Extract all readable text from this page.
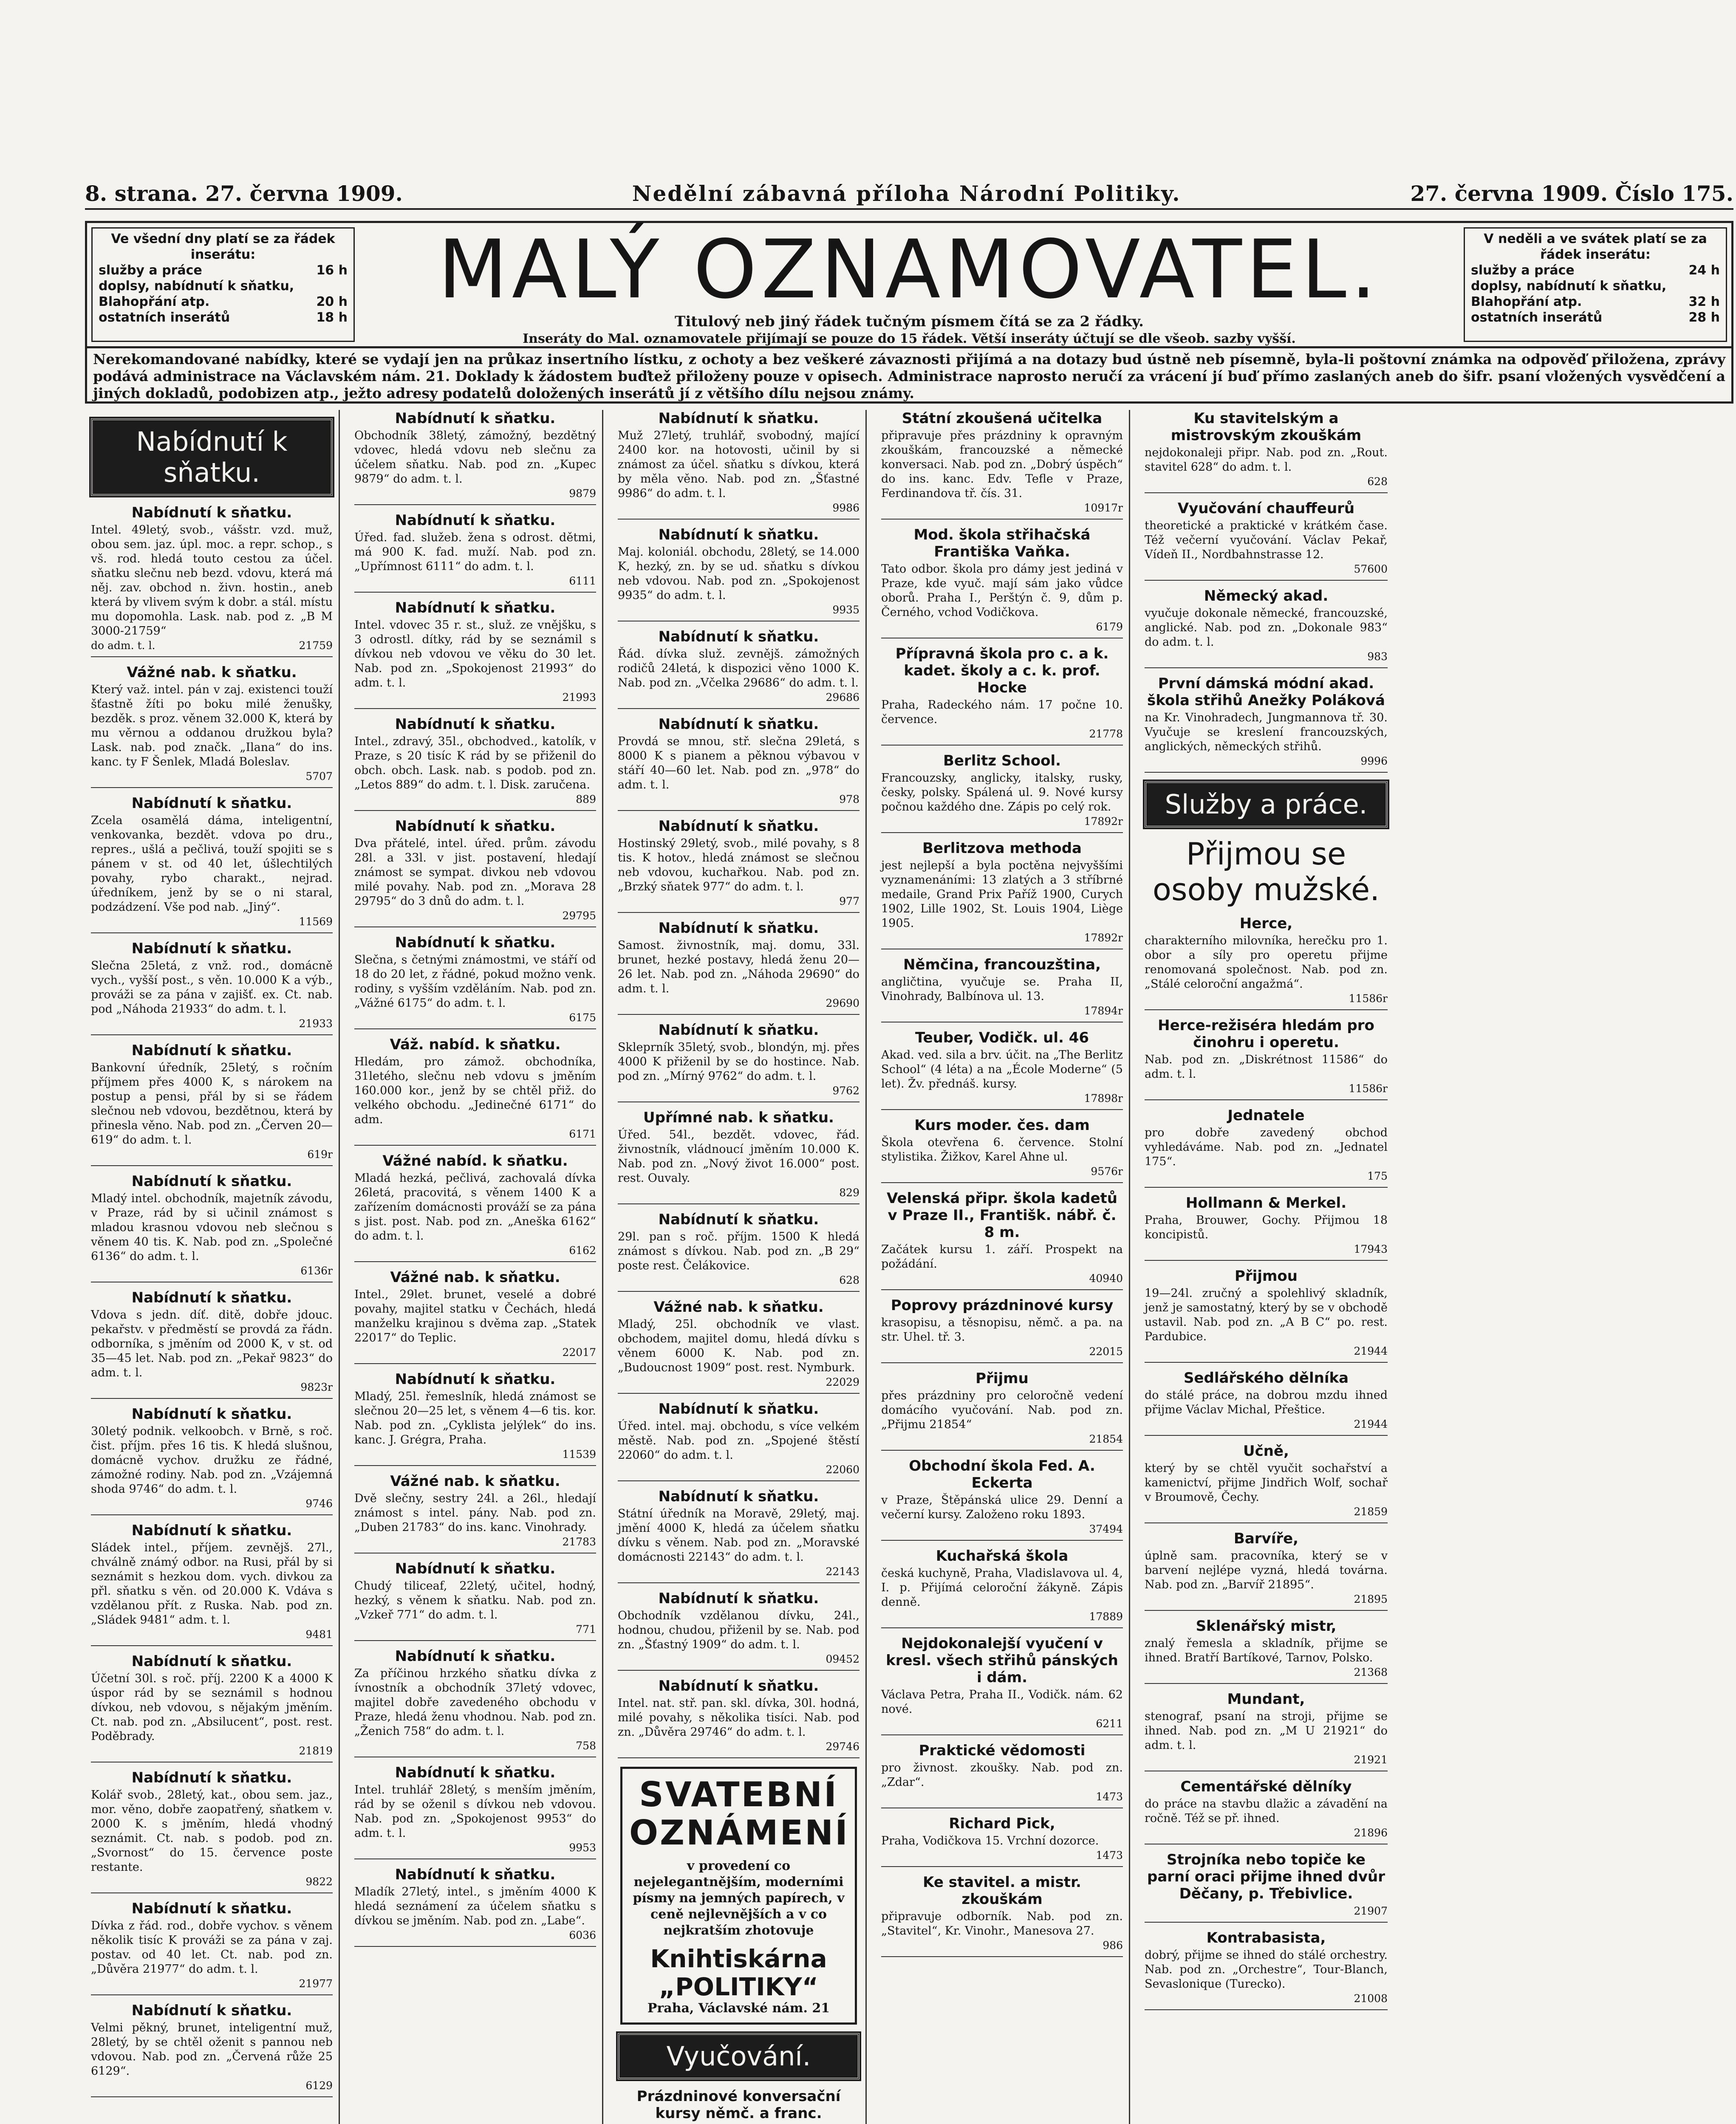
8. strana. 27. června 1909.	Nedělní zábavná příloha Národní Politiky.	27. června 1909. Číslo 175.
Ve všední dny platí se za řádek inserátu:
služby a práce	16 h
doplsy, nabídnutí k sňatku,
Blahopřání atp.	20 h
ostatních inserátů	18 h
MALÝ OZNAMOVATEL.
Titulový neb jiný řádek tučným písmem čítá se za 2 řádky.
Inseráty do Mal. oznamovatele přijímají se pouze do 15 řádek. Větší inseráty účtují se dle všeob. sazby vyšší.
V neděli a ve svátek platí se za řádek inserátu:
služby a práce	24 h
doplsy, nabídnutí k sňatku,
Blahopřání atp.	32 h
ostatních inserátů	28 h
Nerekomandované nabídky, které se vydají jen na průkaz insertního lístku, z ochoty a bez veškeré závaznosti přijímá a na dotazy bud ústně neb písemně, byla-li poštovní známka na odpověď přiložena, zprávy podává administrace na Václavském nám. 21. Doklady k žádostem buďtež přiloženy pouze v opisech. Administrace naprosto neručí za vrácení jí buď přímo zaslaných aneb do šifr. psaní vložených vysvědčení a jiných dokladů, podobizen atp., ježto adresy podatelů doložených inserátů jí z většího dílu nejsou známy.
Nabídnutí k sňatku.
Nabídnutí k sňatku.
Intel. 49letý, svob., vášstr. vzd. muž, obou sem. jaz. úpl. moc. a repr. schop., s vš. rod. hledá touto cestou za účel. sňatku slečnu neb bezd. vdovu, která má něj. zav. obchod n. živn. hostin., aneb která by vlivem svým k dobr. a stál. místu mu dopomohla. Lask. nab. pod z. „B M 3000-21759“
do adm. t. l.	21759
Vážné nab. k sňatku.
Který važ. intel. pán v zaj. existenci touží šťastně žíti po boku milé ženušky, bezděk. s proz. věnem 32.000 K, která by mu věrnou a oddanou družkou byla? Lask. nab. pod značk. „Ilana“ do ins. kanc. ty F Šenlek, Mladá Boleslav.
5707
Nabídnutí k sňatku.
Zcela osamělá dáma, inteligentní, venkovanka, bezdět. vdova po dru., repres., ušlá a pečlivá, touží spojiti se s pánem v st. od 40 let, úšlechtilých povahy, rybo charakt., nejrad. úředníkem, jenž by se o ni staral, podzádzení. Vše pod nab. „Jiný“.
11569
Nabídnutí k sňatku.
Slečna 25letá, z vnž. rod., domácně vych., vyšší post., s věn. 10.000 K a výb., prováži se za pána v zajišť. ex. Ct. nab. pod „Náhoda 21933“ do adm. t. l.
21933
Nabídnutí k sňatku.
Bankovní úředník, 25letý, s ročním příjmem přes 4000 K, s nárokem na postup a pensi, přál by si se řádem slečnou neb vdovou, bezdětnou, která by přinesla věno. Nab. pod zn. „Červen 20—619“ do adm. t. l.
619r
Nabídnutí k sňatku.
Mladý intel. obchodník, majetník závodu, v Praze, rád by si učinil známost s mladou krasnou vdovou neb slečnou s věnem 40 tis. K. Nab. pod zn. „Společné 6136“ do adm. t. l.
6136r
Nabídnutí k sňatku.
Vdova s jedn. díť. ditě, dobře jdouc. pekařstv. v předměstí se provdá za řádn. odborníka, s jměním od 2000 K, v st. od 35—45 let. Nab. pod zn. „Pekař 9823“ do adm. t. l.
9823r
Nabídnutí k sňatku.
30letý podnik. velkoobch. v Brně, s roč. čist. příjm. přes 16 tis. K hledá slušnou, domácně vychov. družku ze řádné, zámožné rodiny. Nab. pod zn. „Vzájemná shoda 9746“ do adm. t. l.
9746
Nabídnutí k sňatku.
Sládek intel., příjem. zevnějš. 27l., chválně známý odbor. na Rusi, přál by si seznámit s hezkou dom. vych. divkou za přl. sňatku s věn. od 20.000 K. Vdáva s vzdělanou přít. z Ruska. Nab. pod zn. „Sládek 9481“ adm. t. l.
9481
Nabídnutí k sňatku.
Účetní 30l. s roč. příj. 2200 K a 4000 K úspor rád by se seznámil s hodnou dívkou, neb vdovou, s nějakým jměním. Ct. nab. pod zn. „Absilucent“, post. rest. Poděbrady.
21819
Nabídnutí k sňatku.
Kolář svob., 28letý, kat., obou sem. jaz., mor. věno, dobře zaopatřený, sňatkem v. 2000 K. s jměním, hledá vhodný seznámit. Ct. nab. s podob. pod zn. „Svornost“ do 15. července poste restante.
9822
Nabídnutí k sňatku.
Dívka z řád. rod., dobře vychov. s věnem několik tisíc K prováži se za pána v zaj. postav. od 40 let. Ct. nab. pod zn. „Důvěra 21977“ do adm. t. l.
21977
Nabídnutí k sňatku.
Velmi pěkný, brunet, inteligentní muž, 28letý, by se chtěl oženit s pannou neb vdovou. Nab. pod zn. „Červená růže 25 6129“.
6129
Nabídnutí k sňatku.
Obchodník 38letý, zámožný, bezdětný vdovec, hledá vdovu neb slečnu za účelem sňatku. Nab. pod zn. „Kupec 9879“ do adm. t. l.
9879
Nabídnutí k sňatku.
Úřed. fad. služeb. žena s odrost. dětmi, má 900 K. fad. muží. Nab. pod zn. „Upřímnost 6111“ do adm. t. l.
6111
Nabídnutí k sňatku.
Intel. vdovec 35 r. st., služ. ze vnějšku, s 3 odrostl. dítky, rád by se seznámil s dívkou neb vdovou ve věku do 30 let. Nab. pod zn. „Spokojenost 21993“ do adm. t. l.
21993
Nabídnutí k sňatku.
Intel., zdravý, 35l., obchodved., katolík, v Praze, s 20 tisíc K rád by se přiženil do obch. obch. Lask. nab. s podob. pod zn. „Letos 889“ do adm. t. l. Disk. zaručena.
889
Nabídnutí k sňatku.
Dva přátelé, intel. úřed. prům. závodu 28l. a 33l. v jist. postavení, hledají známost se sympat. divkou neb vdovou milé povahy. Nab. pod zn. „Morava 28 29795“ do 3 dnů do adm. t. l.
29795
Nabídnutí k sňatku.
Slečna, s četnými známostmi, ve stáří od 18 do 20 let, z řádné, pokud možno venk. rodiny, s vyšším vzděláním. Nab. pod zn. „Vážné 6175“ do adm. t. l.
6175
Váž. nabíd. k sňatku.
Hledám, pro zámož. obchodníka, 31letého, slečnu neb vdovu s jměním 160.000 kor., jenž by se chtěl přiž. do velkého obchodu. „Jedinečné 6171“ do adm.
6171
Vážné nabíd. k sňatku.
Mladá hezká, pečlivá, zachovalá dívka 26letá, pracovitá, s věnem 1400 K a zařízením domácnosti prováží se za pána s jist. post. Nab. pod zn. „Aneška 6162“ do adm. t. l.
6162
Vážné nab. k sňatku.
Intel., 29let. brunet, veselé a dobré povahy, majitel statku v Čechách, hledá manželku krajinou s dvěma zap. „Statek 22017“ do Teplic.
22017
Nabídnutí k sňatku.
Mladý, 25l. řemeslník, hledá známost se slečnou 20—25 let, s věnem 4—6 tis. kor. Nab. pod zn. „Cyklista jelýlek“ do ins. kanc. J. Grégra, Praha.
11539
Vážné nab. k sňatku.
Dvě slečny, sestry 24l. a 26l., hledají známost s intel. pány. Nab. pod zn. „Duben 21783“ do ins. kanc. Vinohrady.
21783
Nabídnutí k sňatku.
Chudý tiliceaf, 22letý, učitel, hodný, hezký, s věnem k sňatku. Nab. pod zn. „Vzkeř 771“ do adm. t. l.
771
Nabídnutí k sňatku.
Za příčinou hrzkého sňatku dívka z ívnostník a obchodník 37letý vdovec, majitel dobře zavedeného obchodu v Praze, hledá ženu vhodnou. Nab. pod zn. „Ženich 758“ do adm. t. l.
758
Nabídnutí k sňatku.
Intel. truhlář 28letý, s menším jměním, rád by se oženil s dívkou neb vdovou. Nab. pod zn. „Spokojenost 9953“ do adm. t. l.
9953
Nabídnutí k sňatku.
Mladík 27letý, intel., s jměním 4000 K hledá seznámení za účelem sňatku s dívkou se jměním. Nab. pod zn. „Labe“.
6036
Nabídnutí k sňatku.
Muž 27letý, truhlář, svobodný, mající 2400 kor. na hotovosti, učinil by si známost za účel. sňatku s dívkou, která by měla věno. Nab. pod zn. „Šťastné 9986“ do adm. t. l.
9986
Nabídnutí k sňatku.
Maj. koloniál. obchodu, 28letý, se 14.000 K, hezký, zn. by se ud. sňatku s dívkou neb vdovou. Nab. pod zn. „Spokojenost 9935“ do adm. t. l.
9935
Nabídnutí k sňatku.
Řád. dívka služ. zevnějš. zámožných rodičů 24letá, k dispozici věno 1000 K. Nab. pod zn. „Včelka 29686“ do adm. t. l.
29686
Nabídnutí k sňatku.
Provdá se mnou, stř. slečna 29letá, s 8000 K s pianem a pěknou výbavou v stáří 40—60 let. Nab. pod zn. „978“ do adm. t. l.
978
Nabídnutí k sňatku.
Hostinský 29letý, svob., milé povahy, s 8 tis. K hotov., hledá známost se slečnou neb vdovou, kuchařkou. Nab. pod zn. „Brzký sňatek 977“ do adm. t. l.
977
Nabídnutí k sňatku.
Samost. živnostník, maj. domu, 33l. brunet, hezké postavy, hledá ženu 20—26 let. Nab. pod zn. „Náhoda 29690“ do adm. t. l.
29690
Nabídnutí k sňatku.
Skleprník 35letý, svob., blondýn, mj. přes 4000 K přiženil by se do hostince. Nab. pod zn. „Mírný 9762“ do adm. t. l.
9762
Upřímné nab. k sňatku.
Úřed. 54l., bezdět. vdovec, řád. živnostník, vládnoucí jměním 10.000 K. Nab. pod zn. „Nový život 16.000“ post. rest. Ouvaly.
829
Nabídnutí k sňatku.
29l. pan s roč. příjm. 1500 K hledá známost s dívkou. Nab. pod zn. „B 29“ poste rest. Čelákovice.
628
Vážné nab. k sňatku.
Mladý, 25l. obchodník ve vlast. obchodem, majitel domu, hledá dívku s věnem 6000 K. Nab. pod zn. „Budoucnost 1909“ post. rest. Nymburk.
22029
Nabídnutí k sňatku.
Úřed. intel. maj. obchodu, s více velkém městě. Nab. pod zn. „Spojené štěstí 22060“ do adm. t. l.
22060
Nabídnutí k sňatku.
Státní úředník na Moravě, 29letý, maj. jmění 4000 K, hledá za účelem sňatku dívku s věnem. Nab. pod zn. „Moravské domácnosti 22143“ do adm. t. l.
22143
Nabídnutí k sňatku.
Obchodník vzdělanou dívku, 24l., hodnou, chudou, přiženil by se. Nab. pod zn. „Šťastný 1909“ do adm. t. l.
09452
Nabídnutí k sňatku.
Intel. nat. stř. pan. skl. dívka, 30l. hodná, milé povahy, s několika tisíci. Nab. pod zn. „Důvěra 29746“ do adm. t. l.
29746
SVATEBNÍ OZNÁMENÍ
v provedení co nejelegantnějším, moderními písmy na jemných papírech, v ceně nejlevnějších a v co nejkratším zhotovuje
Knihtiskárna „POLITIKY“
Praha, Václavské nám. 21
Vyučování.
Prázdninové konversační kursy němč. a franc.
Státní zkoušená učitelka
připravuje přes prázdniny k opravným zkouškám, francouzské a německé konversaci. Nab. pod zn. „Dobrý úspěch“ do ins. kanc. Edv. Tefle v Praze, Ferdinandova tř. čís. 31.
10917r
Mod. škola střihačská Františka Vaňka.
Tato odbor. škola pro dámy jest jediná v Praze, kde vyuč. mají sám jako vůdce oborů. Praha I., Perštýn č. 9, dům p. Černého, vchod Vodičkova.
6179
Přípravná škola pro c. a k. kadet. školy a c. k. prof. Hocke
Praha, Radeckého nám. 17 počne 10. července.
21778
Berlitz School.
Francouzsky, anglicky, italsky, rusky, česky, polsky. Spálená ul. 9. Nové kursy počnou každého dne. Zápis po celý rok.
17892r
Berlitzova methoda
jest nejlepší a byla poctěna nejvyššími vyznamenáními: 13 zlatých a 3 stříbrné medaile, Grand Prix Paříž 1900, Curych 1902, Lille 1902, St. Louis 1904, Liège 1905.
17892r
Němčina, francouzština,
angličtina, vyučuje se. Praha II, Vinohrady, Balbínova ul. 13.
17894r
Teuber, Vodičk. ul. 46
Akad. ved. sila a brv. účit. na „The Berlitz School“ (4 léta) a na „École Moderne“ (5 let). Žv. přednáš. kursy.
17898r
Kurs moder. čes. dam
Škola otevřena 6. července. Stolní stylistika. Žižkov, Karel Ahne ul.
9576r
Velenská připr. škola kadetů v Praze II., Františk. nábř. č. 8 m.
Začátek kursu 1. září. Prospekt na požádání.
40940
Poprovy prázdninové kursy
krasopisu, a těsnopisu, němč. a pa. na str. Uhel. tř. 3.
22015
Přijmu
přes prázdniny pro celoročně vedení domácího vyučování. Nab. pod zn. „Přijmu 21854“
21854
Obchodní škola Fed. A. Eckerta
v Praze, Štěpánská ulice 29. Denní a večerní kursy. Založeno roku 1893.
37494
Kuchařská škola
česká kuchyně, Praha, Vladislavova ul. 4, I. p. Přijímá celoroční žákyně. Zápis denně.
17889
Nejdokonalejší vyučení v kresl. všech střihů pánských i dám.
Václava Petra, Praha II., Vodičk. nám. 62 nové.
6211
Praktické vědomosti
pro živnost. zkoušky. Nab. pod zn. „Zdar“.
1473
Richard Pick,
Praha, Vodičkova 15. Vrchní dozorce.
1473
Ke stavitel. a mistr. zkouškám
připravuje odborník. Nab. pod zn. „Stavitel“, Kr. Vinohr., Manesova 27.
986
Ku stavitelským a mistrovským zkouškám
nejdokonaleji připr. Nab. pod zn. „Rout. stavitel 628“ do adm. t. l.
628
Vyučování chauffeurů
theoretické a praktické v krátkém čase. Též večerní vyučování. Václav Pekař, Vídeň II., Nordbahnstrasse 12.
57600
Německý akad.
vyučuje dokonale německé, francouzské, anglické. Nab. pod zn. „Dokonale 983“ do adm. t. l.
983
První dámská módní akad. škola střihů Anežky Poláková
na Kr. Vinohradech, Jungmannova tř. 30. Vyučuje se kreslení francouzských, anglických, německých střihů.
9996
Služby a práce.
Přijmou se osoby mužské.
Herce,
charakterního milovníka, herečku pro 1. obor a síly pro operetu přijme renomovaná společnost. Nab. pod zn. „Stálé celoroční angažmá“.
11586r
Herce-režiséra hledám pro činohru i operetu.
Nab. pod zn. „Diskrétnost 11586“ do adm. t. l.
11586r
Jednatele
pro dobře zavedený obchod vyhledáváme. Nab. pod zn. „Jednatel 175“.
175
Hollmann & Merkel.
Praha, Brouwer, Gochy. Přijmou 18 koncipistů.
17943
Přijmou
19—24l. zručný a spolehlivý skladník, jenž je samostatný, který by se v obchodě ustavil. Nab. pod zn. „A B C“ po. rest. Pardubice.
21944
Sedlářského dělníka
do stálé práce, na dobrou mzdu ihned přijme Václav Michal, Přeštice.
21944
Učně,
který by se chtěl vyučit sochařství a kamenictví, přijme Jindřich Wolf, sochař v Broumově, Čechy.
21859
Barvíře,
úplně sam. pracovníka, který se v barvení nejlépe vyzná, hledá továrna. Nab. pod zn. „Barvíř 21895“.
21895
Sklenářský mistr,
znalý řemesla a skladník, přijme se ihned. Bratří Bartíkové, Tarnov, Polsko.
21368
Mundant,
stenograf, psaní na stroji, přijme se ihned. Nab. pod zn. „M U 21921“ do adm. t. l.
21921
Cementářské dělníky
do práce na stavbu dlažic a závadění na ročně. Též se př. ihned.
21896
Strojníka nebo topiče ke parní oraci přijme ihned dvůr Děčany, p. Třebivlice.
21907
Kontrabasista,
dobrý, přijme se ihned do stálé orchestry. Nab. pod zn. „Orchestre“, Tour-Blanch, Sevaslonique (Turecko).
21008
